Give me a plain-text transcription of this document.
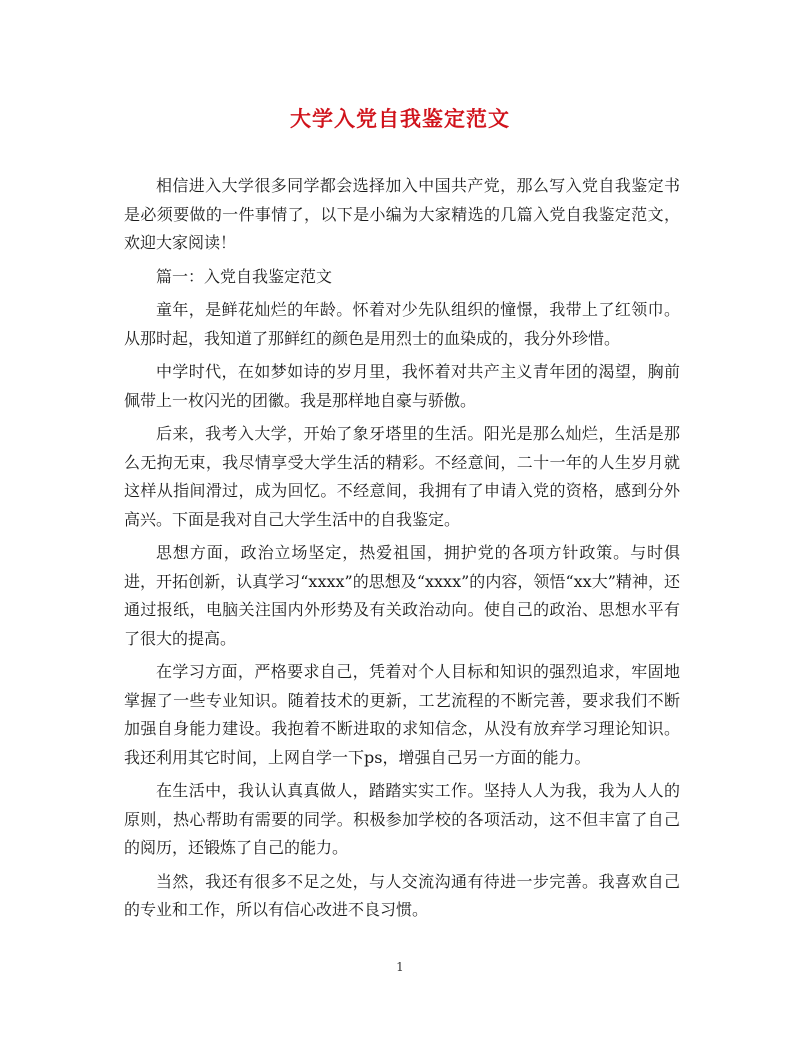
大学入党自我鉴定范文

相信进入大学很多同学都会选择加入中国共产党，那么写入党自我鉴定书是必须要做的一件事情了，以下是小编为大家精选的几篇入党自我鉴定范文，欢迎大家阅读！

篇一：入党自我鉴定范文

童年，是鲜花灿烂的年龄。怀着对少先队组织的憧憬，我带上了红领巾。从那时起，我知道了那鲜红的颜色是用烈士的血染成的，我分外珍惜。

中学时代，在如梦如诗的岁月里，我怀着对共产主义青年团的渴望，胸前佩带上一枚闪光的团徽。我是那样地自豪与骄傲。

后来，我考入大学，开始了象牙塔里的生活。阳光是那么灿烂，生活是那么无拘无束，我尽情享受大学生活的精彩。不经意间，二十一年的人生岁月就这样从指间滑过，成为回忆。不经意间，我拥有了申请入党的资格，感到分外高兴。下面是我对自己大学生活中的自我鉴定。

思想方面，政治立场坚定，热爱祖国，拥护党的各项方针政策。与时俱进，开拓创新，认真学习“xxxx”的思想及“xxxx”的内容，领悟“xx大”精神，还通过报纸，电脑关注国内外形势及有关政治动向。使自己的政治、思想水平有了很大的提高。

在学习方面，严格要求自己，凭着对个人目标和知识的强烈追求，牢固地掌握了一些专业知识。随着技术的更新，工艺流程的不断完善，要求我们不断加强自身能力建设。我抱着不断进取的求知信念，从没有放弃学习理论知识。我还利用其它时间，上网自学一下ps，增强自己另一方面的能力。

在生活中，我认认真真做人，踏踏实实工作。坚持人人为我，我为人人的原则，热心帮助有需要的同学。积极参加学校的各项活动，这不但丰富了自己的阅历，还锻炼了自己的能力。

当然，我还有很多不足之处，与人交流沟通有待进一步完善。我喜欢自己的专业和工作，所以有信心改进不良习惯。

1
